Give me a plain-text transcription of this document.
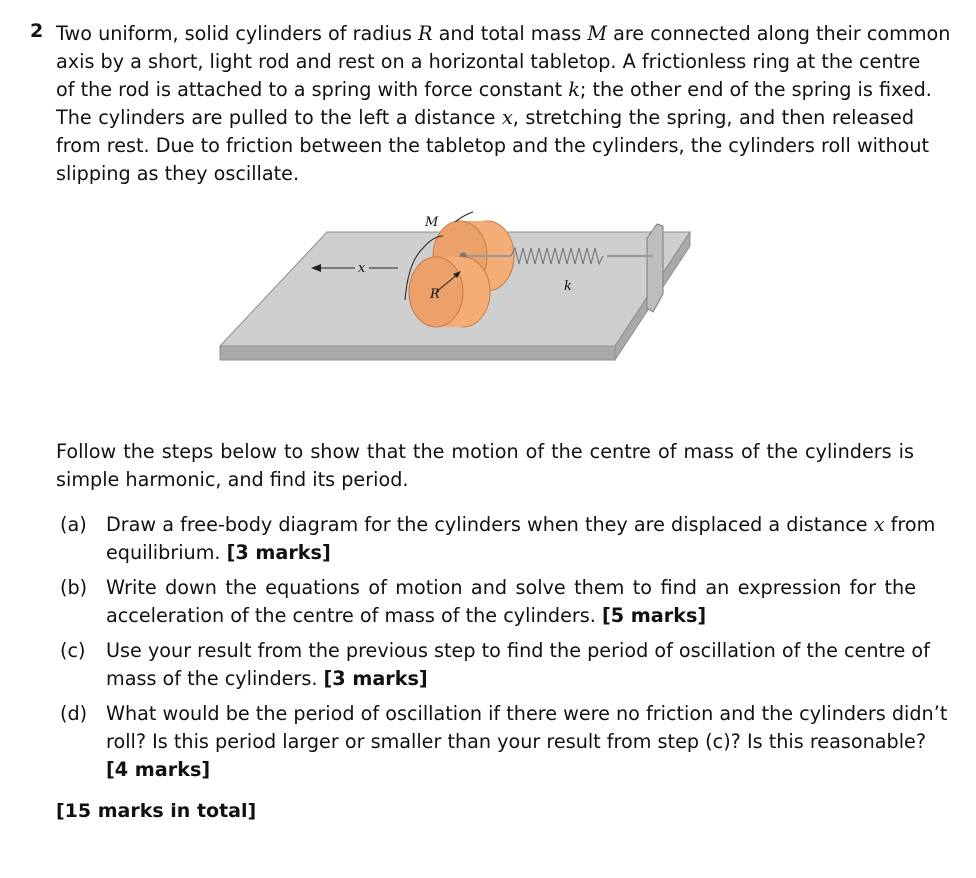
2 Two uniform, solid cylinders of radius R and total mass M are connected along their common
axis by a short, light rod and rest on a horizontal tabletop. A frictionless ring at the centre
of the rod is attached to a spring with force constant k; the other end of the spring is fixed.
The cylinders are pulled to the left a distance x, stretching the spring, and then released
from rest. Due to friction between the tabletop and the cylinders, the cylinders roll without
slipping as they oscillate.
M
x
R
k
Follow the steps below to show that the motion of the centre of mass of the cylinders is
simple harmonic, and find its period.
(a) Draw a free-body diagram for the cylinders when they are displaced a distance x from
equilibrium. [3 marks]
(b) Write down the equations of motion and solve them to find an expression for the
acceleration of the centre of mass of the cylinders. [5 marks]
(c) Use your result from the previous step to find the period of oscillation of the centre of
mass of the cylinders. [3 marks]
(d) What would be the period of oscillation if there were no friction and the cylinders didn’t
roll? Is this period larger or smaller than your result from step (c)? Is this reasonable?
[4 marks]
[15 marks in total]
